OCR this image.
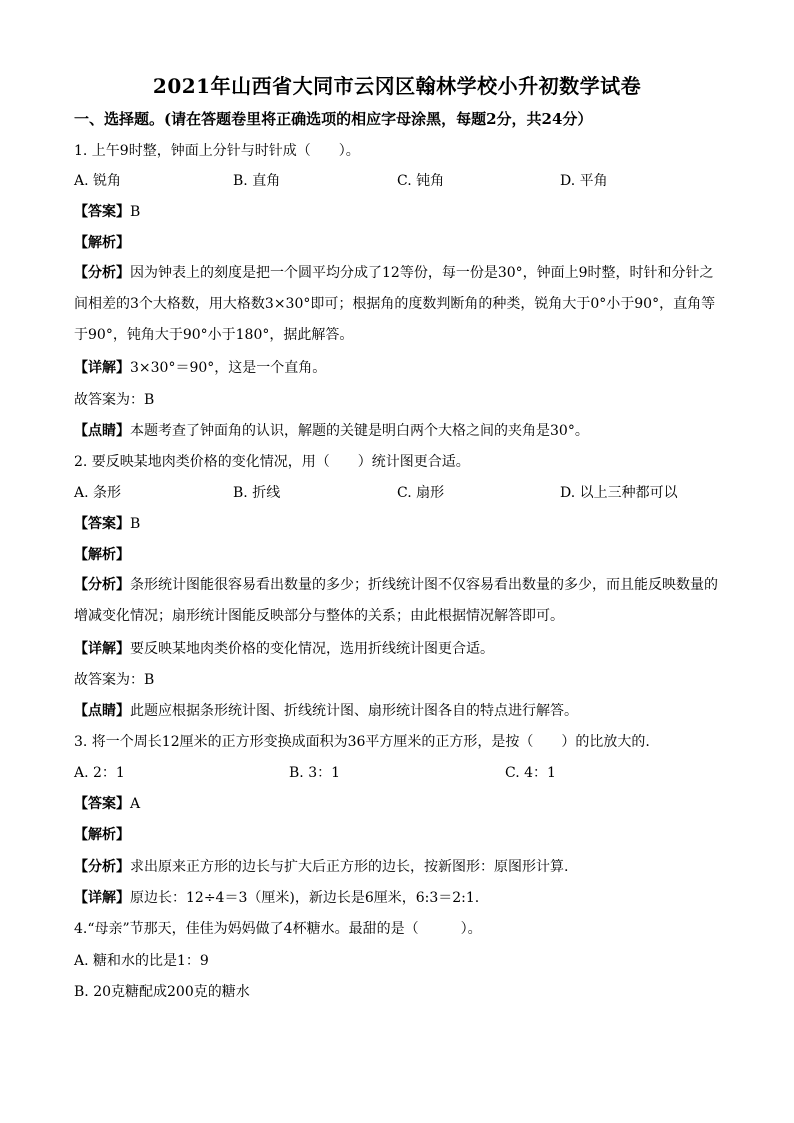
2021年山西省大同市云冈区翰林学校小升初数学试卷
一、选择题。(请在答题卷里将正确选项的相应字母涂黑，每题2分，共24分）
1. 上午9时整，钟面上分针与时针成（　　）。
A. 锐角	B. 直角	C. 钝角	D. 平角
【答案】B
【解析】
【分析】因为钟表上的刻度是把一个圆平均分成了12等份，每一份是30°，钟面上9时整，时针和分针之间相差的3个大格数，用大格数3×30°即可；根据角的度数判断角的种类，锐角大于0°小于90°，直角等于90°，钝角大于90°小于180°，据此解答。
【详解】3×30°＝90°，这是一个直角。
故答案为：B
【点睛】本题考查了钟面角的认识，解题的关键是明白两个大格之间的夹角是30°。
2. 要反映某地肉类价格的变化情况，用（　　）统计图更合适。
A. 条形	B. 折线	C. 扇形	D. 以上三种都可以
【答案】B
【解析】
【分析】条形统计图能很容易看出数量的多少；折线统计图不仅容易看出数量的多少，而且能反映数量的增减变化情况；扇形统计图能反映部分与整体的关系；由此根据情况解答即可。
【详解】要反映某地肉类价格的变化情况，选用折线统计图更合适。
故答案为：B
【点睛】此题应根据条形统计图、折线统计图、扇形统计图各自的特点进行解答。
3. 将一个周长12厘米的正方形变换成面积为36平方厘米的正方形，是按（　　）的比放大的.
A. 2：1	B. 3：1	C. 4：1
【答案】A
【解析】
【分析】求出原来正方形的边长与扩大后正方形的边长，按新图形：原图形计算.
【详解】原边长：12÷4＝3（厘米)，新边长是6厘米，6:3＝2:1.
4.“母亲”节那天，佳佳为妈妈做了4杯糖水。最甜的是（　　　）。
A. 糖和水的比是1：9
B. 20克糖配成200克的糖水
